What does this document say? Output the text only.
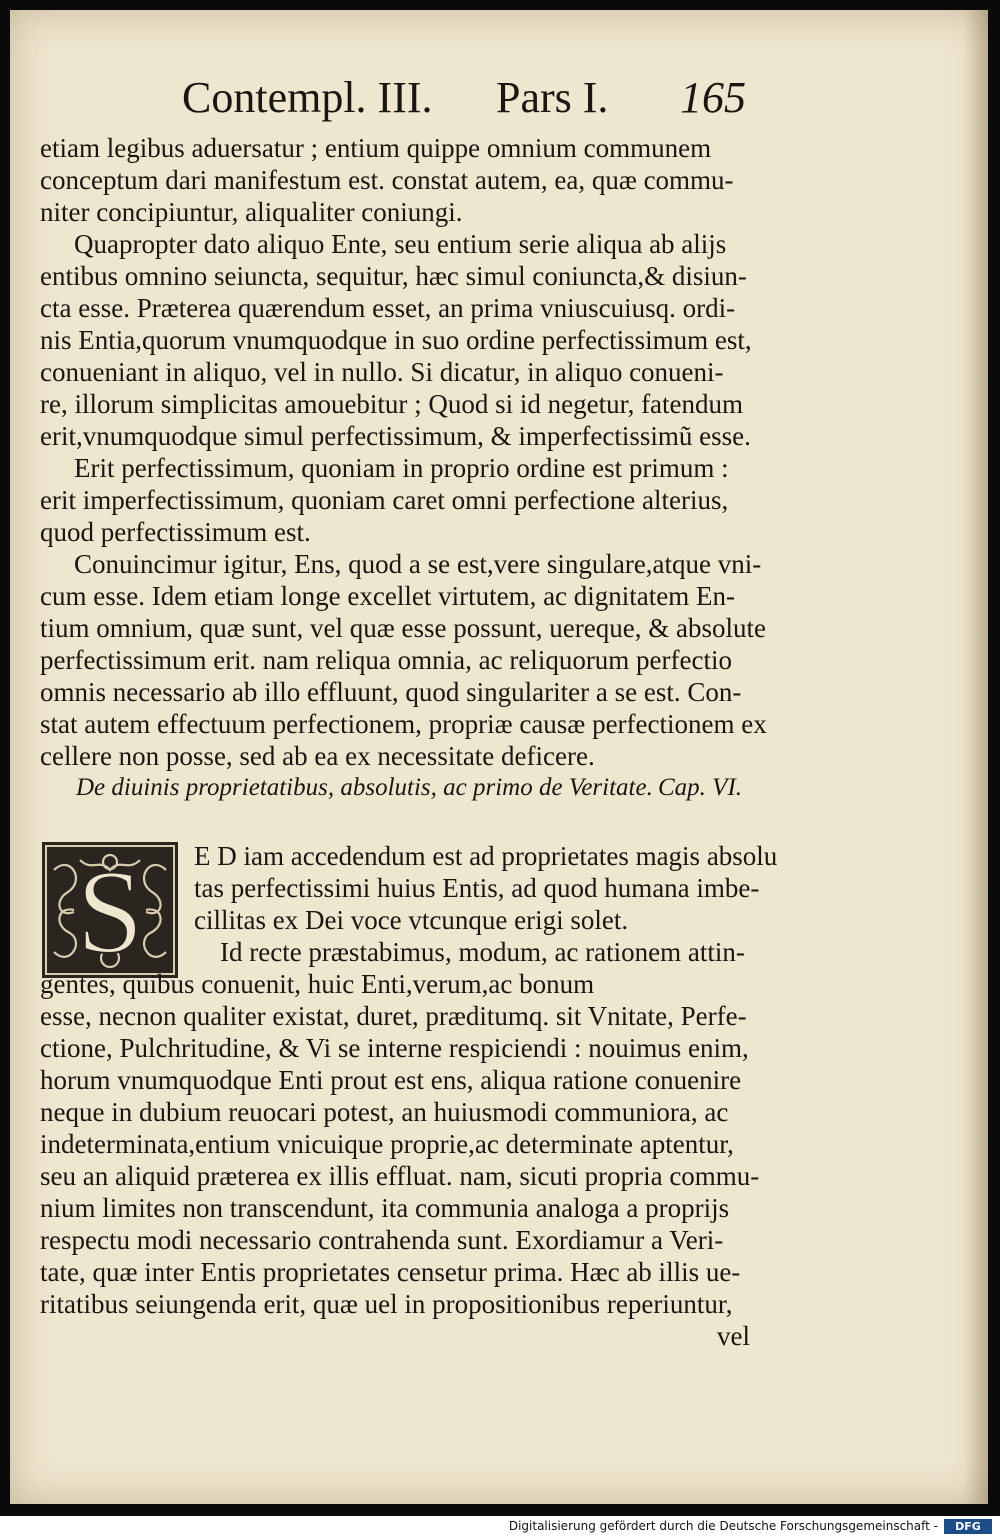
Contempl. III. Pars I. 165
etiam legibus aduersatur ; entium quippe omnium communem
conceptum dari manifestum est. constat autem, ea, quæ commu-
niter concipiuntur, aliqualiter coniungi.
Quapropter dato aliquo Ente, seu entium serie aliqua ab alijs
entibus omnino seiuncta, sequitur, hæc simul coniuncta,& disiun-
cta esse. Præterea quærendum esset, an prima vniuscuiusq. ordi-
nis Entia,quorum vnumquodque in suo ordine perfectissimum est,
conueniant in aliquo, vel in nullo. Si dicatur, in aliquo conueni-
re, illorum simplicitas amouebitur ; Quod si id negetur, fatendum
erit,vnumquodque simul perfectissimum, & imperfectissimũ esse.
Erit perfectissimum, quoniam in proprio ordine est primum :
erit imperfectissimum, quoniam caret omni perfectione alterius,
quod perfectissimum est.
Conuincimur igitur, Ens, quod a se est,vere singulare,atque vni-
cum esse. Idem etiam longe excellet virtutem, ac dignitatem En-
tium omnium, quæ sunt, vel quæ esse possunt, uereque, & absolute
perfectissimum erit. nam reliqua omnia, ac reliquorum perfectio
omnis necessario ab illo effluunt, quod singulariter a se est. Con-
stat autem effectuum perfectionem, propriæ causæ perfectionem ex
cellere non posse, sed ab ea ex necessitate deficere.
De diuinis proprietatibus, absolutis, ac primo de Veritate. Cap. VI.
S E D iam accedendum est ad proprietates magis absolu
tas perfectissimi huius Entis, ad quod humana imbe-
cillitas ex Dei voce vtcunque erigi solet.
Id recte præstabimus, modum, ac rationem attin-
gentes, quibus conuenit, huic Enti,verum,ac bonum
esse, necnon qualiter existat, duret, præditumq. sit Vnitate, Perfe-
ctione, Pulchritudine, & Vi se interne respiciendi : nouimus enim,
horum vnumquodque Enti prout est ens, aliqua ratione conuenire
neque in dubium reuocari potest, an huiusmodi communiora, ac
indeterminata,entium vnicuique proprie,ac determinate aptentur,
seu an aliquid præterea ex illis effluat. nam, sicuti propria commu-
nium limites non transcendunt, ita communia analoga a proprijs
respectu modi necessario contrahenda sunt. Exordiamur a Veri-
tate, quæ inter Entis proprietates censetur prima. Hæc ab illis ue-
ritatibus seiungenda erit, quæ uel in propositionibus reperiuntur,
vel
Digitalisierung gefördert durch die Deutsche Forschungsgemeinschaft -	DFG
